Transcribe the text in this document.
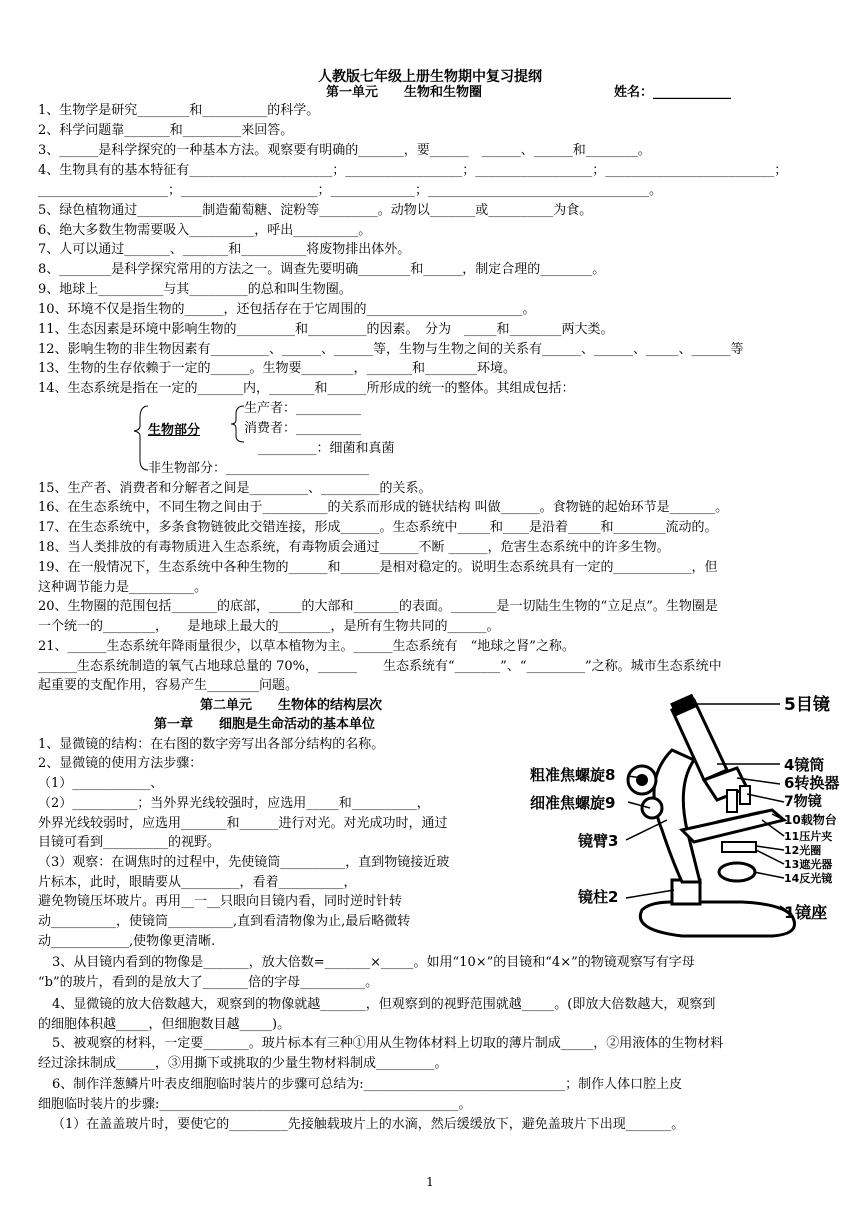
人教版七年级上册生物期中复习提纲
第一单元　　生物和生物圈	姓名：____________
1、生物学是研究________和__________的科学。
2、科学问题靠_______和_________来回答。
3、______是科学探究的一种基本方法。观察要有明确的_______，要______　______、______和________。
4、生物具有的基本特征有______________________；__________________；__________________；__________________________；
____________________；_____________________；_____________；__________________________________。
5、绿色植物通过__________制造葡萄糖、淀粉等_________。动物以_______或__________为食。
6、绝大多数生物需要吸入__________，呼出__________。
7、人可以通过_______、_______和__________将废物排出体外。
8、________是科学探究常用的方法之一。调查先要明确________和______，制定合理的________。
9、地球上__________与其_________的总和叫生物圈。
10、环境不仅是指生物的______，还包括存在于它周围的________________________。
11、生态因素是环境中影响生物的_________和_________的因素。　分为　_____和________两大类。
12、影响生物的非生物因素有_________、______、______等，生物与生物之间的关系有______、______、_____、______等
13、生物的生存依赖于一定的______。生物要________，_______和________环境。
14、生态系统是指在一定的_______内，_______和______所形成的统一的整体。其组成包括：
生物部分
生产者：__________
消费者：__________
_________：细菌和真菌
非生物部分：______________________
15、生产者、消费者和分解者之间是_________、_________的关系。
16、在生态系统中，不同生物之间由于__________的关系而形成的链状结构 叫做______。食物链的起始环节是_______。
17、在生态系统中，多条食物链彼此交错连接，形成______。生态系统中_____和____是沿着_____和________流动的。
18、当人类排放的有毒物质进入生态系统，有毒物质会通过______不断 ______，危害生态系统中的许多生物。
19、在一般情况下，生态系统中各种生物的______和______是相对稳定的。说明生态系统具有一定的____________，但
这种调节能力是__________。
20、生物圈的范围包括_______的底部，_____的大部和_______的表面。_______是一切陆生生物的“立足点”。生物圈是
一个统一的________，　　是地球上最大的________，是所有生物共同的______。
21、______生态系统年降雨量很少，以草本植物为主。______生态系统有　“地球之肾”之称。
______生态系统制造的氧气占地球总量的 70%，______　　生态系统有“_______”、“_________”之称。城市生态系统中
起重要的支配作用，容易产生________问题。
第二单元　　生物体的结构层次
第一章　　细胞是生命活动的基本单位
1、显微镜的结构：在右图的数字旁写出各部分结构的名称。
2、显微镜的使用方法步骤：
（1）____________、
（2）__________；当外界光线较强时，应选用_____和__________，
外界光线较弱时，应选用_______和______进行对光。对光成功时，通过
目镜可看到__________的视野。
（3）观察：在调焦时的过程中，先使镜筒__________，直到物镜接近玻
片标本，此时，眼睛要从_________，看着__________，
避免物镜压坏玻片。再用__一__只眼向目镜内看，同时逆时针转
动__________，使镜筒__________,直到看清物像为止,最后略微转
动____________,使物像更清晰.
3、从目镜内看到的物像是_______，放大倍数=_______×_____。如用“10×”的目镜和“4×”的物镜观察写有字母
“b”的玻片，看到的是放大了_______倍的字母__________。
4、显微镜的放大倍数越大，观察到的物像就越_______，但观察到的视野范围就越_____。(即放大倍数越大，观察到
的细胞体积越_____，但细胞数目越_____)。
5、被观察的材料，一定要_______。玻片标本有三种①用从生物体材料上切取的薄片制成_____，②用液体的生物材料
经过涂抹制成______，③用撕下或挑取的少量生物材料制成_________。
6、制作洋葱鳞片叶表皮细胞临时装片的步骤可总结为:_______________________________；制作人体口腔上皮
细胞临时装片的步骤:______________________________________________。
（1）在盖盖玻片时，要使它的_________先接触载玻片上的水滴，然后缓缓放下，避免盖玻片下出现_______。
5目镜
4镜筒
6转换器
7物镜
10载物台
11压片夹
12光圈
13遮光器
14反光镜
1镜座
粗准焦螺旋8
细准焦螺旋9
镜臂3
镜柱2
1
